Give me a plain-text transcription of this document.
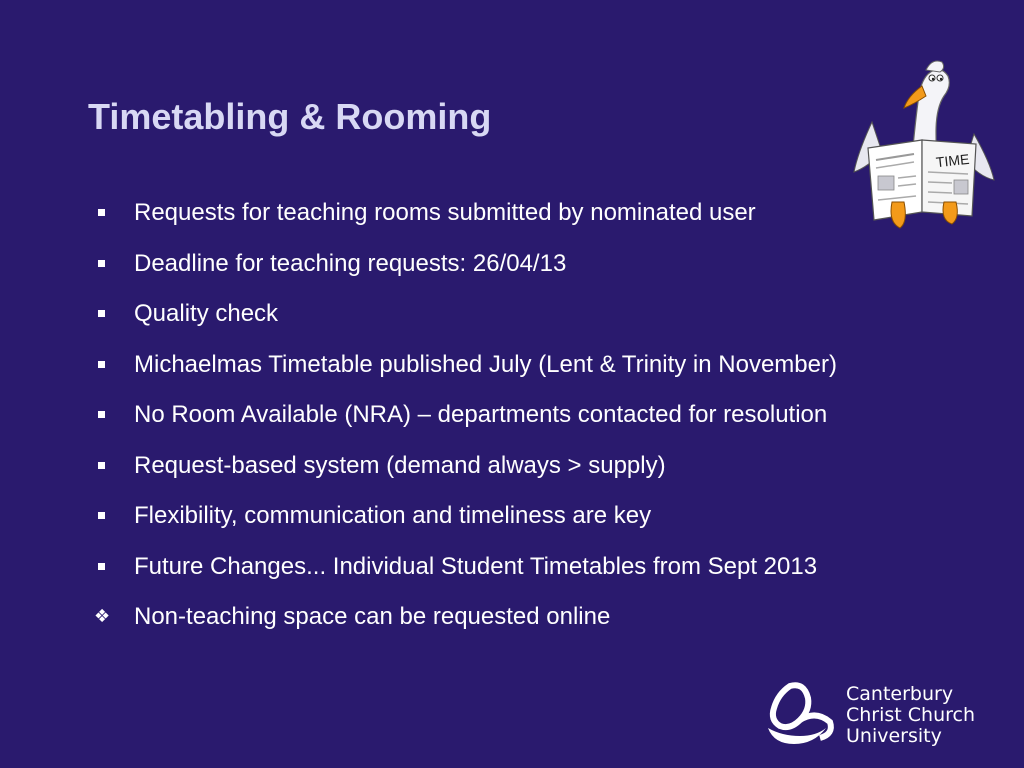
Timetabling & Rooming
Requests for teaching rooms submitted by nominated user
Deadline for teaching requests: 26/04/13
Quality check
Michaelmas Timetable published July (Lent & Trinity in November)
No Room Available (NRA) – departments contacted for resolution
Request-based system (demand always > supply)
Flexibility, communication and timeliness are key
Future Changes... Individual Student Timetables from Sept 2013
❖ Non-teaching space can be requested online
TIME
Canterbury
Christ Church
University
